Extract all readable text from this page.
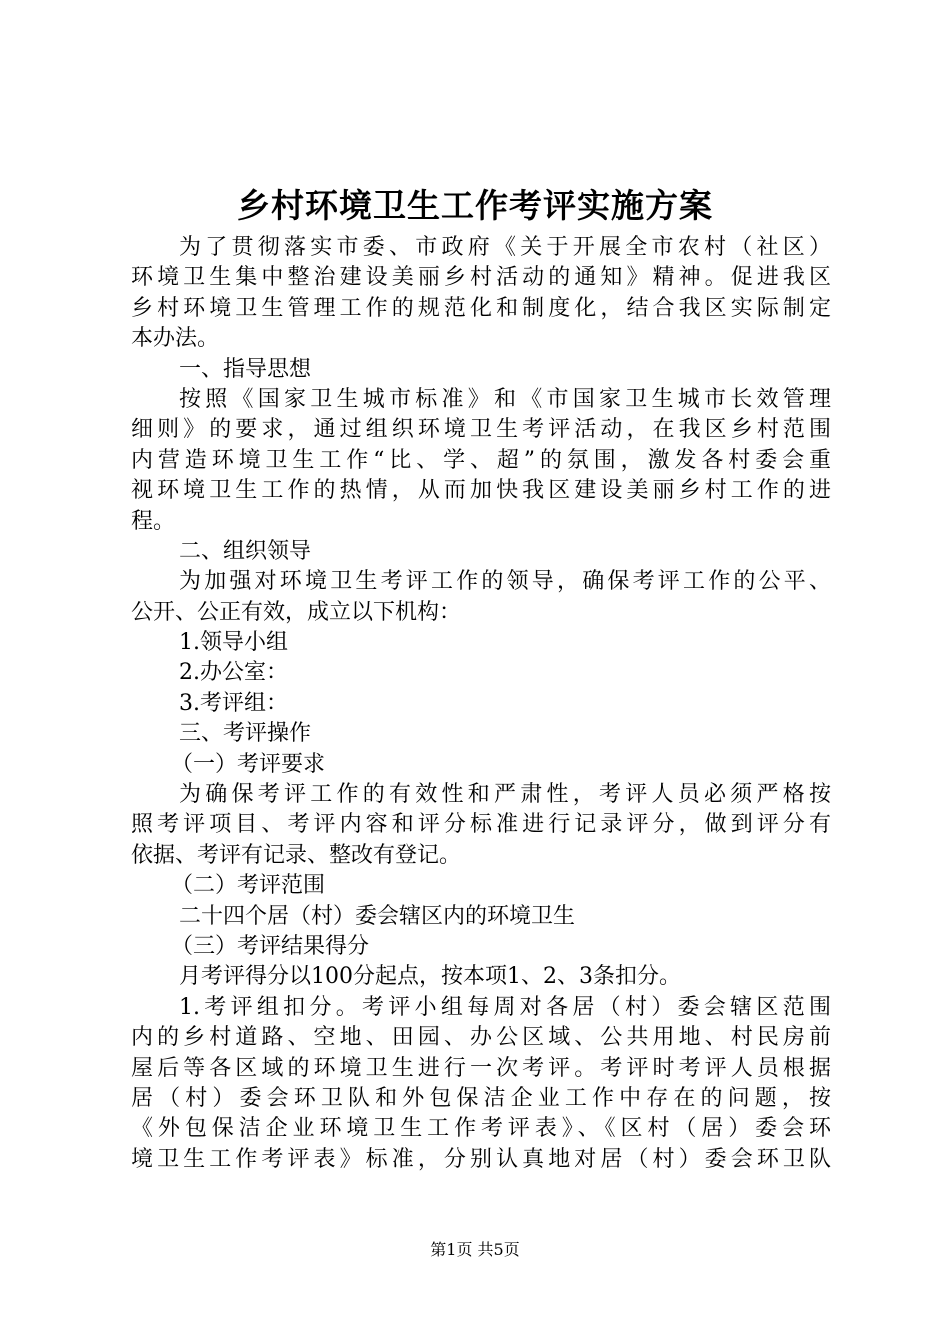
乡村环境卫生工作考评实施方案
为了贯彻落实市委、市政府《关于开展全市农村（社区）
环境卫生集中整治建设美丽乡村活动的通知》精神。促进我区
乡村环境卫生管理工作的规范化和制度化，结合我区实际制定
本办法。
一、指导思想
按照《国家卫生城市标准》和《市国家卫生城市长效管理
细则》的要求，通过组织环境卫生考评活动，在我区乡村范围
内营造环境卫生工作“比、学、超”的氛围，激发各村委会重
视环境卫生工作的热情，从而加快我区建设美丽乡村工作的进
程。
二、组织领导
为加强对环境卫生考评工作的领导，确保考评工作的公平、
公开、公正有效，成立以下机构：
1.领导小组
2.办公室：
3.考评组：
三、考评操作
（一）考评要求
为确保考评工作的有效性和严肃性，考评人员必须严格按
照考评项目、考评内容和评分标准进行记录评分，做到评分有
依据、考评有记录、整改有登记。
（二）考评范围
二十四个居（村）委会辖区内的环境卫生
（三）考评结果得分
月考评得分以100分起点，按本项1、2、3条扣分。
1.考评组扣分。考评小组每周对各居（村）委会辖区范围
内的乡村道路、空地、田园、办公区域、公共用地、村民房前
屋后等各区域的环境卫生进行一次考评。考评时考评人员根据
居（村）委会环卫队和外包保洁企业工作中存在的问题，按
《外包保洁企业环境卫生工作考评表》、《区村（居）委会环
境卫生工作考评表》标准，分别认真地对居（村）委会环卫队
第1页 共5页
